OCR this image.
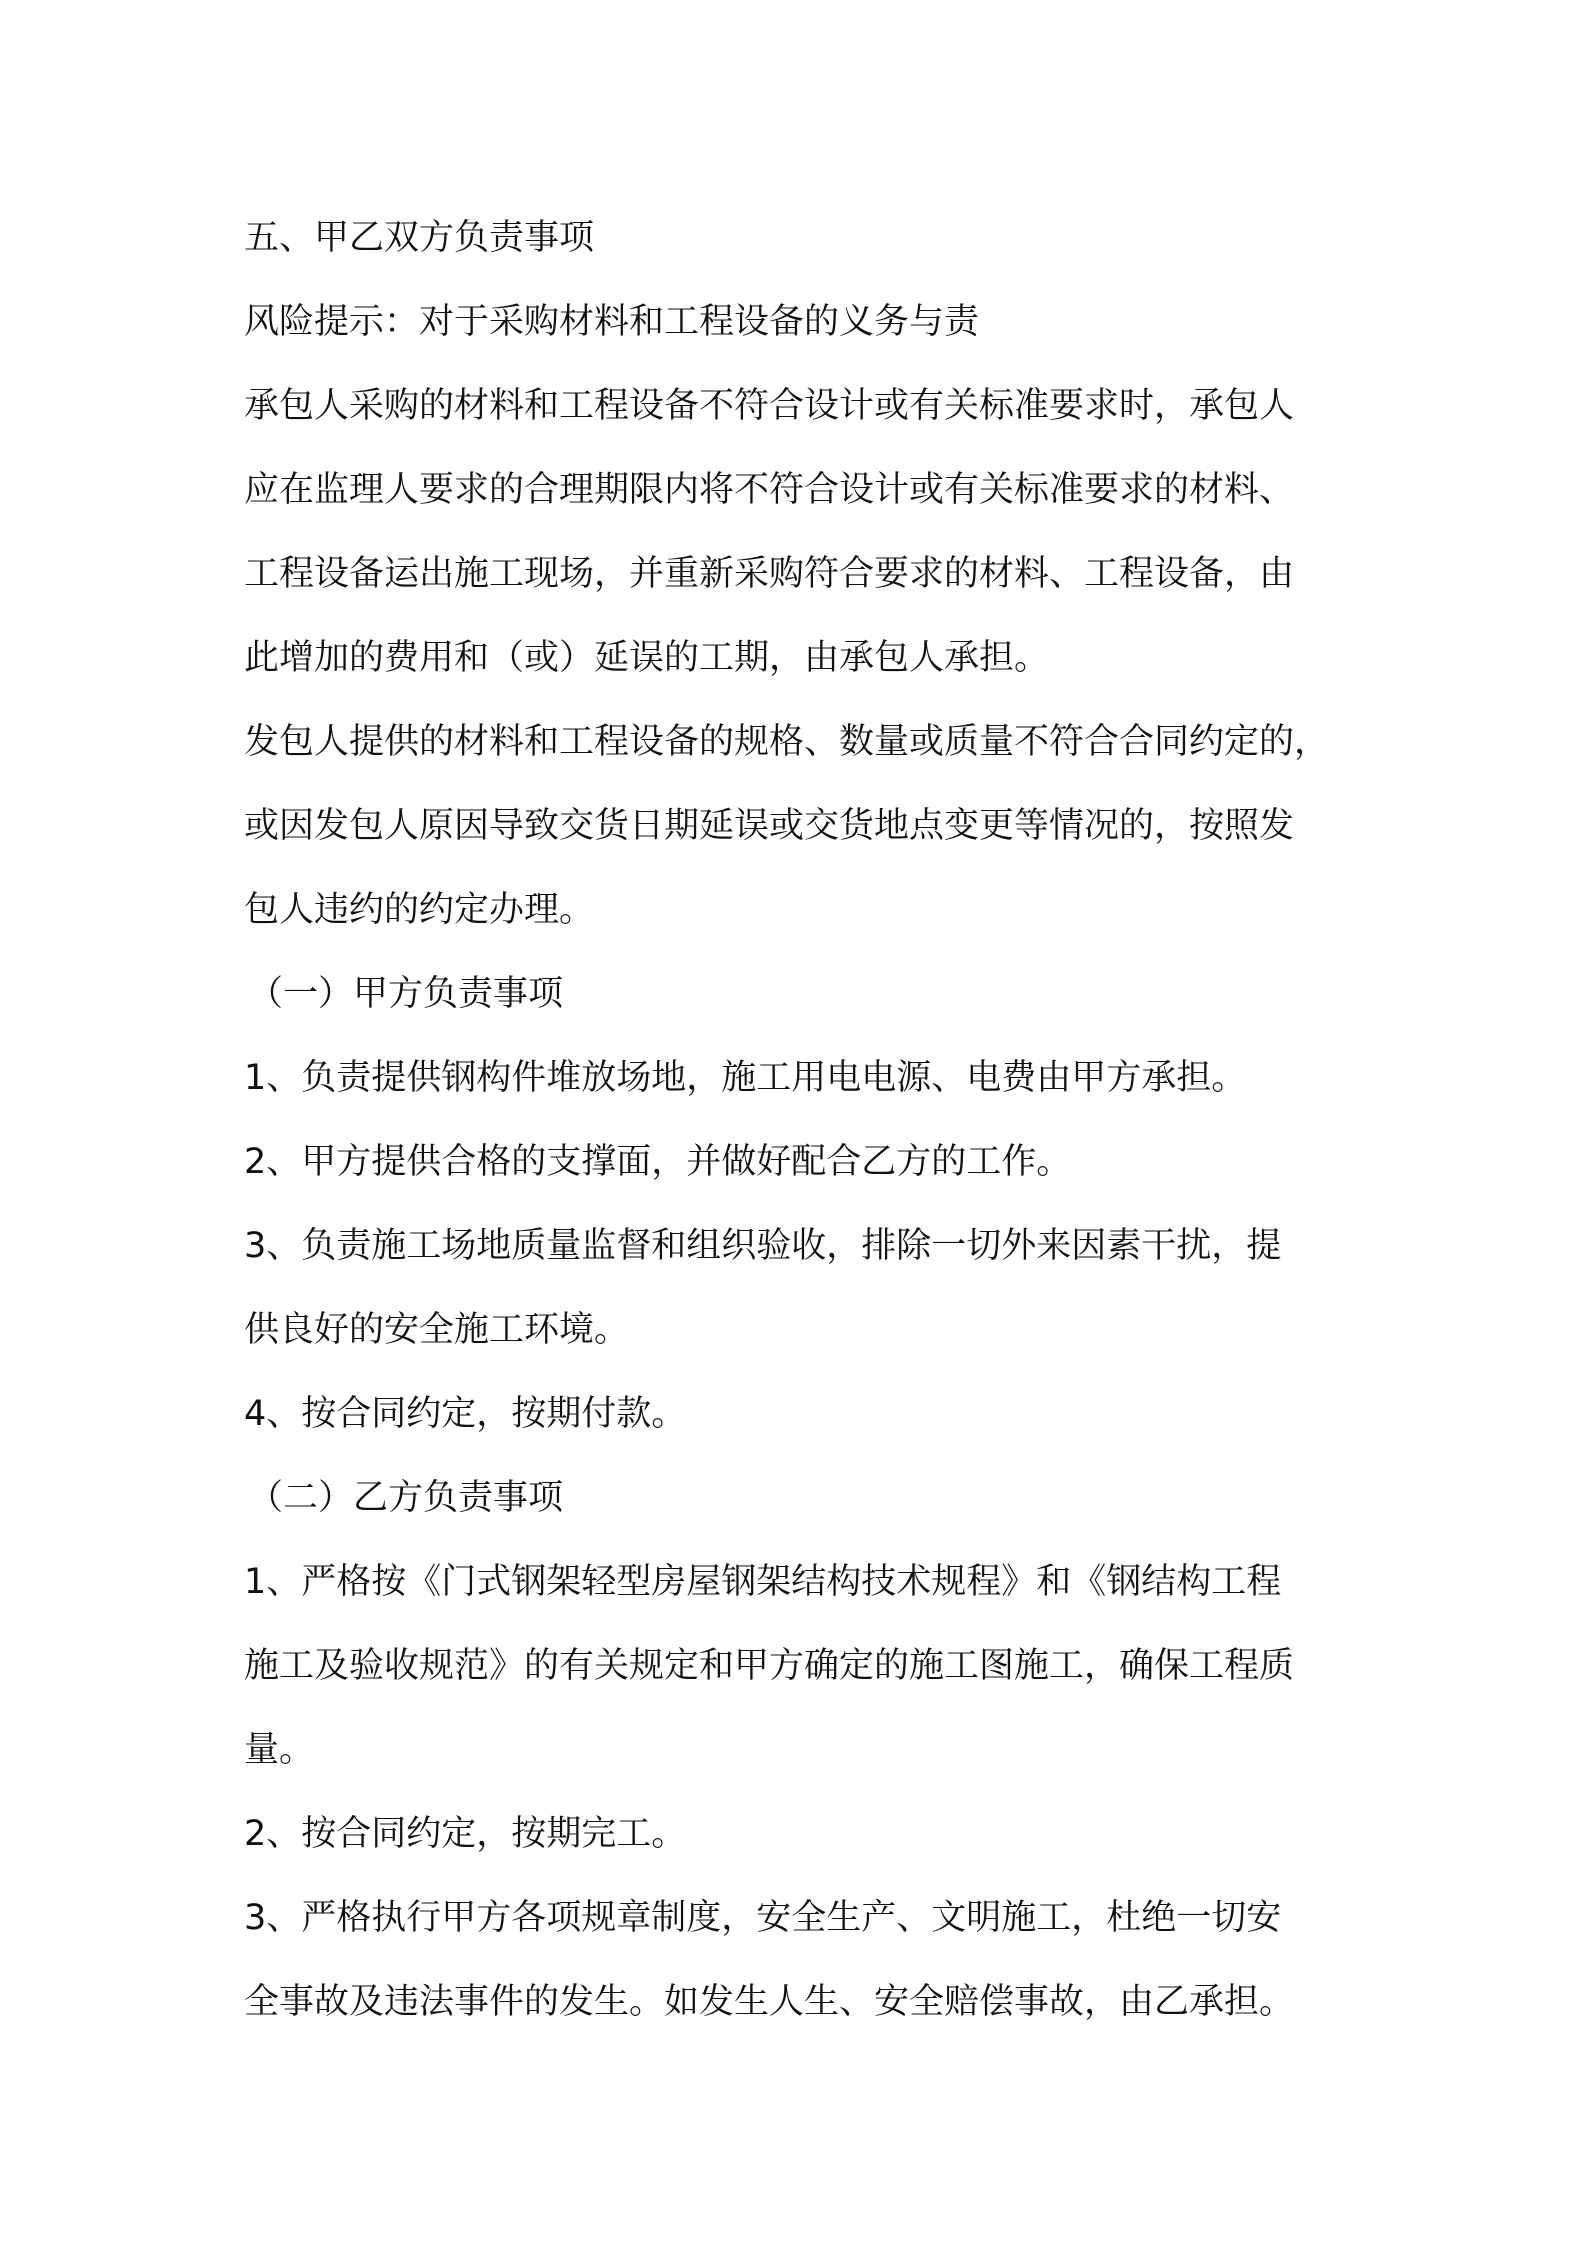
五、甲乙双方负责事项
风险提示：对于采购材料和工程设备的义务与责
承包人采购的材料和工程设备不符合设计或有关标准要求时，承包人
应在监理人要求的合理期限内将不符合设计或有关标准要求的材料、
工程设备运出施工现场，并重新采购符合要求的材料、工程设备，由
此增加的费用和（或）延误的工期，由承包人承担。
发包人提供的材料和工程设备的规格、数量或质量不符合合同约定的，
或因发包人原因导致交货日期延误或交货地点变更等情况的，按照发
包人违约的约定办理。
（一）甲方负责事项
1、负责提供钢构件堆放场地，施工用电电源、电费由甲方承担。
2、甲方提供合格的支撑面，并做好配合乙方的工作。
3、负责施工场地质量监督和组织验收，排除一切外来因素干扰，提
供良好的安全施工环境。
4、按合同约定，按期付款。
（二）乙方负责事项
1、严格按《门式钢架轻型房屋钢架结构技术规程》和《钢结构工程
施工及验收规范》的有关规定和甲方确定的施工图施工，确保工程质
量。
2、按合同约定，按期完工。
3、严格执行甲方各项规章制度，安全生产、文明施工，杜绝一切安
全事故及违法事件的发生。如发生人生、安全赔偿事故，由乙承担。
